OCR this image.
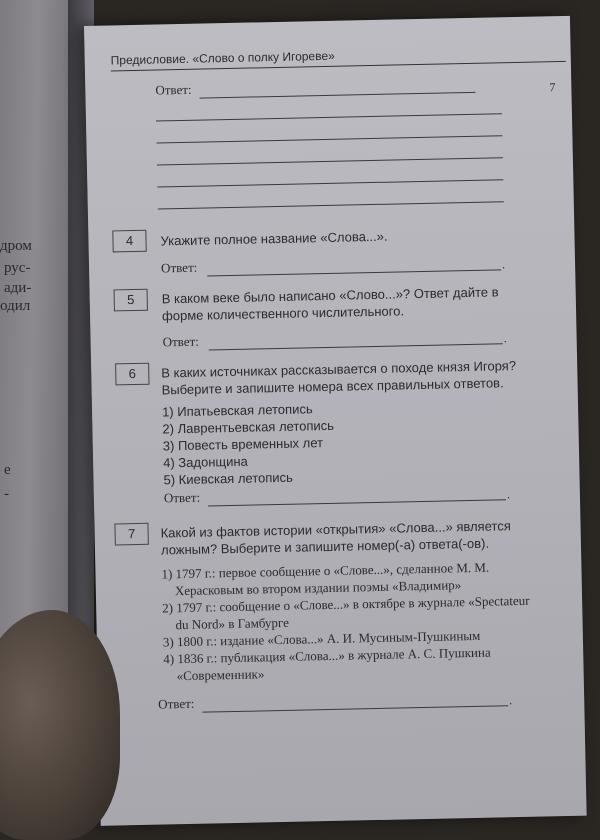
дром
рус-
ади-
одил
е
-
Предисловие. «Слово о полку Игореве»
7
Ответ:
4	Укажите полное название «Слова...».
Ответ:	.
5	В каком веке было написано «Слово...»? Ответ дайте в форме количественного числительного.
Ответ:	.
6	В каких источниках рассказывается о походе князя Игоря? Выберите и запишите номера всех правильных ответов.
1) Ипатьевская летопись
2) Лаврентьевская летопись
3) Повесть временных лет
4) Задонщина
5) Киевская летопись
Ответ:	.
7	Какой из фактов истории «открытия» «Слова...» является ложным? Выберите и запишите номер(-а) ответа(-ов).
1) 1797 г.: первое сообщение о «Слове...», сделанное М. М. Херасковым во втором издании поэмы «Владимир»
2) 1797 г.: сообщение о «Слове...» в октябре в журнале «Spectateur du Nord» в Гамбурге
3) 1800 г.: издание «Слова...» А. И. Мусиным-Пушкиным
4) 1836 г.: публикация «Слова...» в журнале А. С. Пушкина «Современник»
Ответ:	.
